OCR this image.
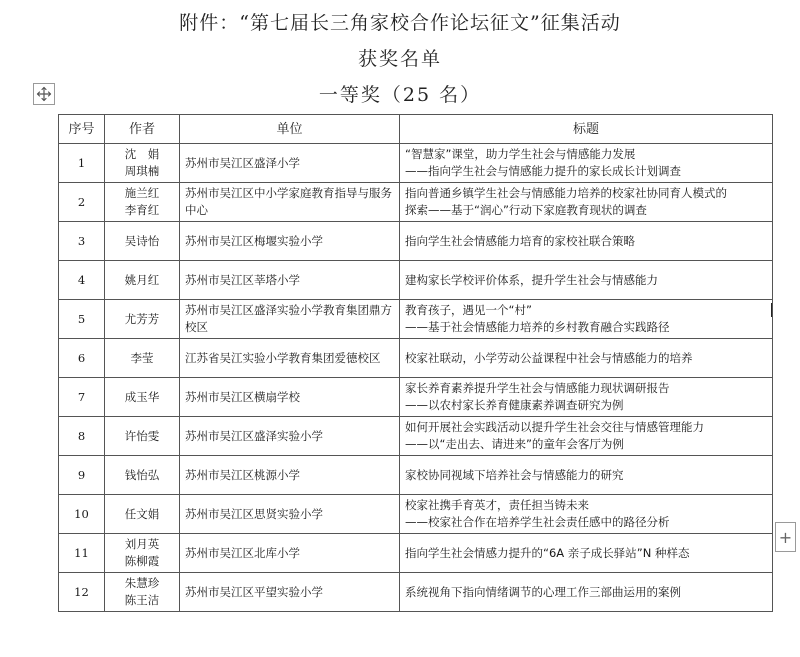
附件：“第七届长三角家校合作论坛征文”征集活动
获奖名单
一等奖（25 名）
序号	作者	单位	标题
1	沈　娟
周琪楠	苏州市吴江区盛泽小学	“智慧家”课堂，助力学生社会与情感能力发展
——指向学生社会与情感能力提升的家长成长计划调查

2	施兰红
李育红	苏州市吴江区中小学家庭教育指导与服务中心	指向普通乡镇学生社会与情感能力培养的校家社协同育人模式的
探索——基于“润心”行动下家庭教育现状的调查

3	吴诗怡	苏州市吴江区梅堰实验小学	指向学生社会情感能力培育的家校社联合策略

4	姚月红	苏州市吴江区莘塔小学	建构家长学校评价体系，提升学生社会与情感能力

5	尤芳芳	苏州市吴江区盛泽实验小学教育集团鼎方校区	教育孩子，遇见一个“村”
——基于社会情感能力培养的乡村教育融合实践路径

6	李莹	江苏省吴江实验小学教育集团爱德校区	校家社联动，小学劳动公益课程中社会与情感能力的培养

7	成玉华	苏州市吴江区横扇学校	家长养育素养提升学生社会与情感能力现状调研报告
——以农村家长养育健康素养调查研究为例

8	许怡雯	苏州市吴江区盛泽实验小学	如何开展社会实践活动以提升学生社会交往与情感管理能力
——以“走出去、请进来”的童年会客厅为例

9	钱怡弘	苏州市吴江区桃源小学	家校协同视域下培养社会与情感能力的研究

10	任文娟	苏州市吴江区思贤实验小学	校家社携手育英才，责任担当铸未来
——校家社合作在培养学生社会责任感中的路径分析

11	刘月英
陈柳霞	苏州市吴江区北库小学	指向学生社会情感力提升的“6A 亲子成长驿站”N 种样态

12	朱慧珍
陈王洁	苏州市吴江区平望实验小学	系统视角下指向情绪调节的心理工作三部曲运用的案例
+
